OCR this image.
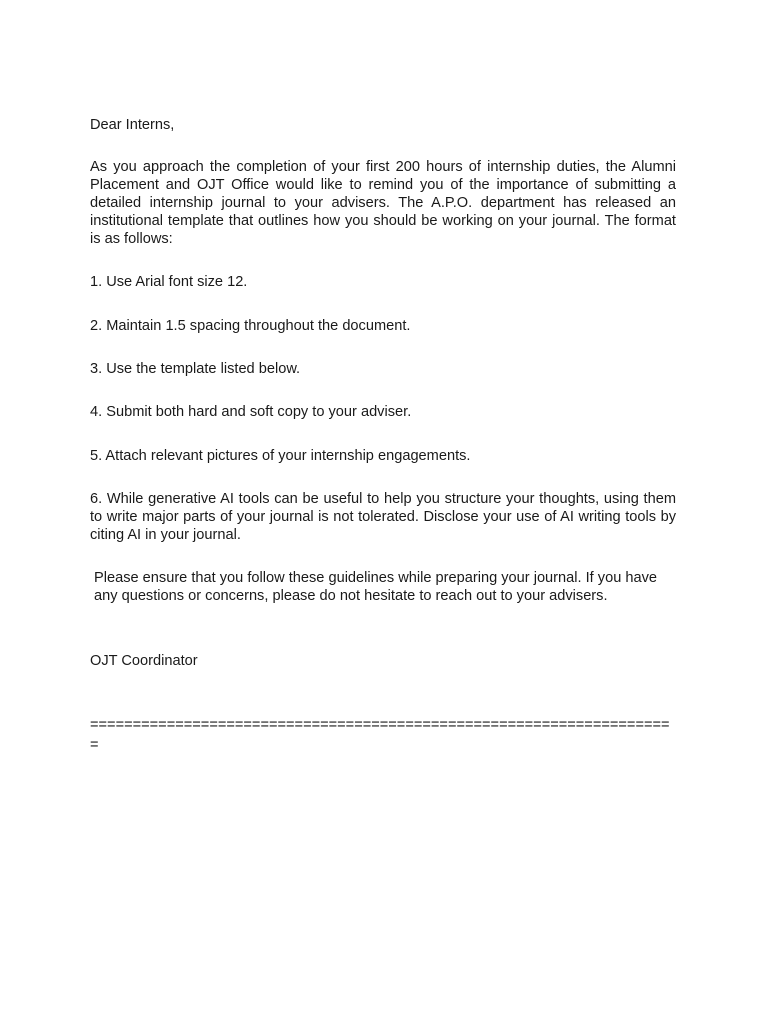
Dear Interns,

As you approach the completion of your first 200 hours of internship duties, the Alumni Placement and OJT Office would like to remind you of the importance of submitting a detailed internship journal to your advisers. The A.P.O. department has released an institutional template that outlines how you should be working on your journal. The format is as follows:

1. Use Arial font size 12.

2. Maintain 1.5 spacing throughout the document.

3. Use the template listed below.

4. Submit both hard and soft copy to your adviser.

5. Attach relevant pictures of your internship engagements.

6. While generative AI tools can be useful to help you structure your thoughts, using them to write major parts of your journal is not tolerated. Disclose your use of AI writing tools by citing AI in your journal.

Please ensure that you follow these guidelines while preparing your journal. If you have any questions or concerns, please do not hesitate to reach out to your advisers.

OJT Coordinator

====================================================================
=
